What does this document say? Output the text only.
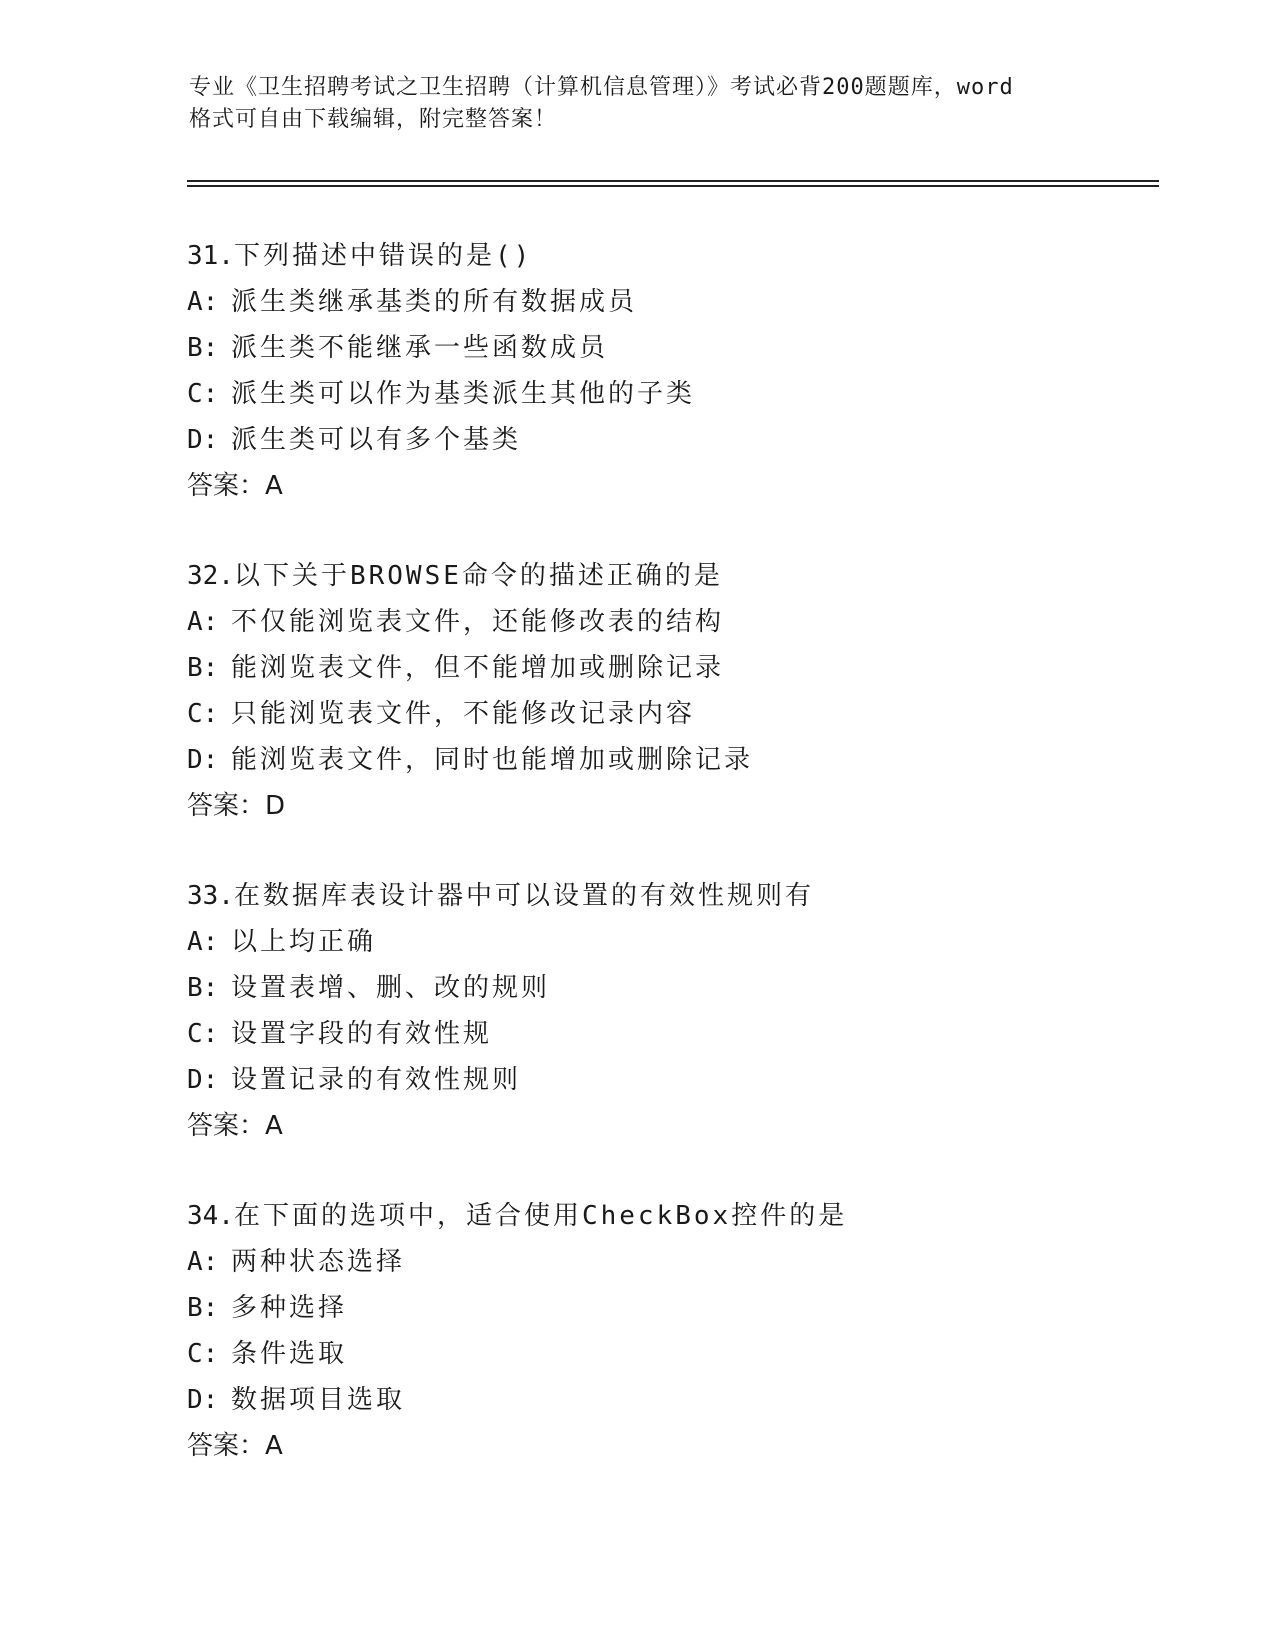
专业《卫生招聘考试之卫生招聘（计算机信息管理）》考试必背200题题库，word
格式可自由下载编辑，附完整答案！
31.下列描述中错误的是()
A: 派生类继承基类的所有数据成员
B: 派生类不能继承一些函数成员
C: 派生类可以作为基类派生其他的子类
D: 派生类可以有多个基类
答案：A
32.以下关于BROWSE命令的描述正确的是
A: 不仅能浏览表文件，还能修改表的结构
B: 能浏览表文件，但不能增加或删除记录
C: 只能浏览表文件，不能修改记录内容
D: 能浏览表文件，同时也能增加或删除记录
答案：D
33.在数据库表设计器中可以设置的有效性规则有
A: 以上均正确
B: 设置表增、删、改的规则
C: 设置字段的有效性规
D: 设置记录的有效性规则
答案：A
34.在下面的选项中，适合使用CheckBox控件的是
A: 两种状态选择
B: 多种选择
C: 条件选取
D: 数据项目选取
答案：A
